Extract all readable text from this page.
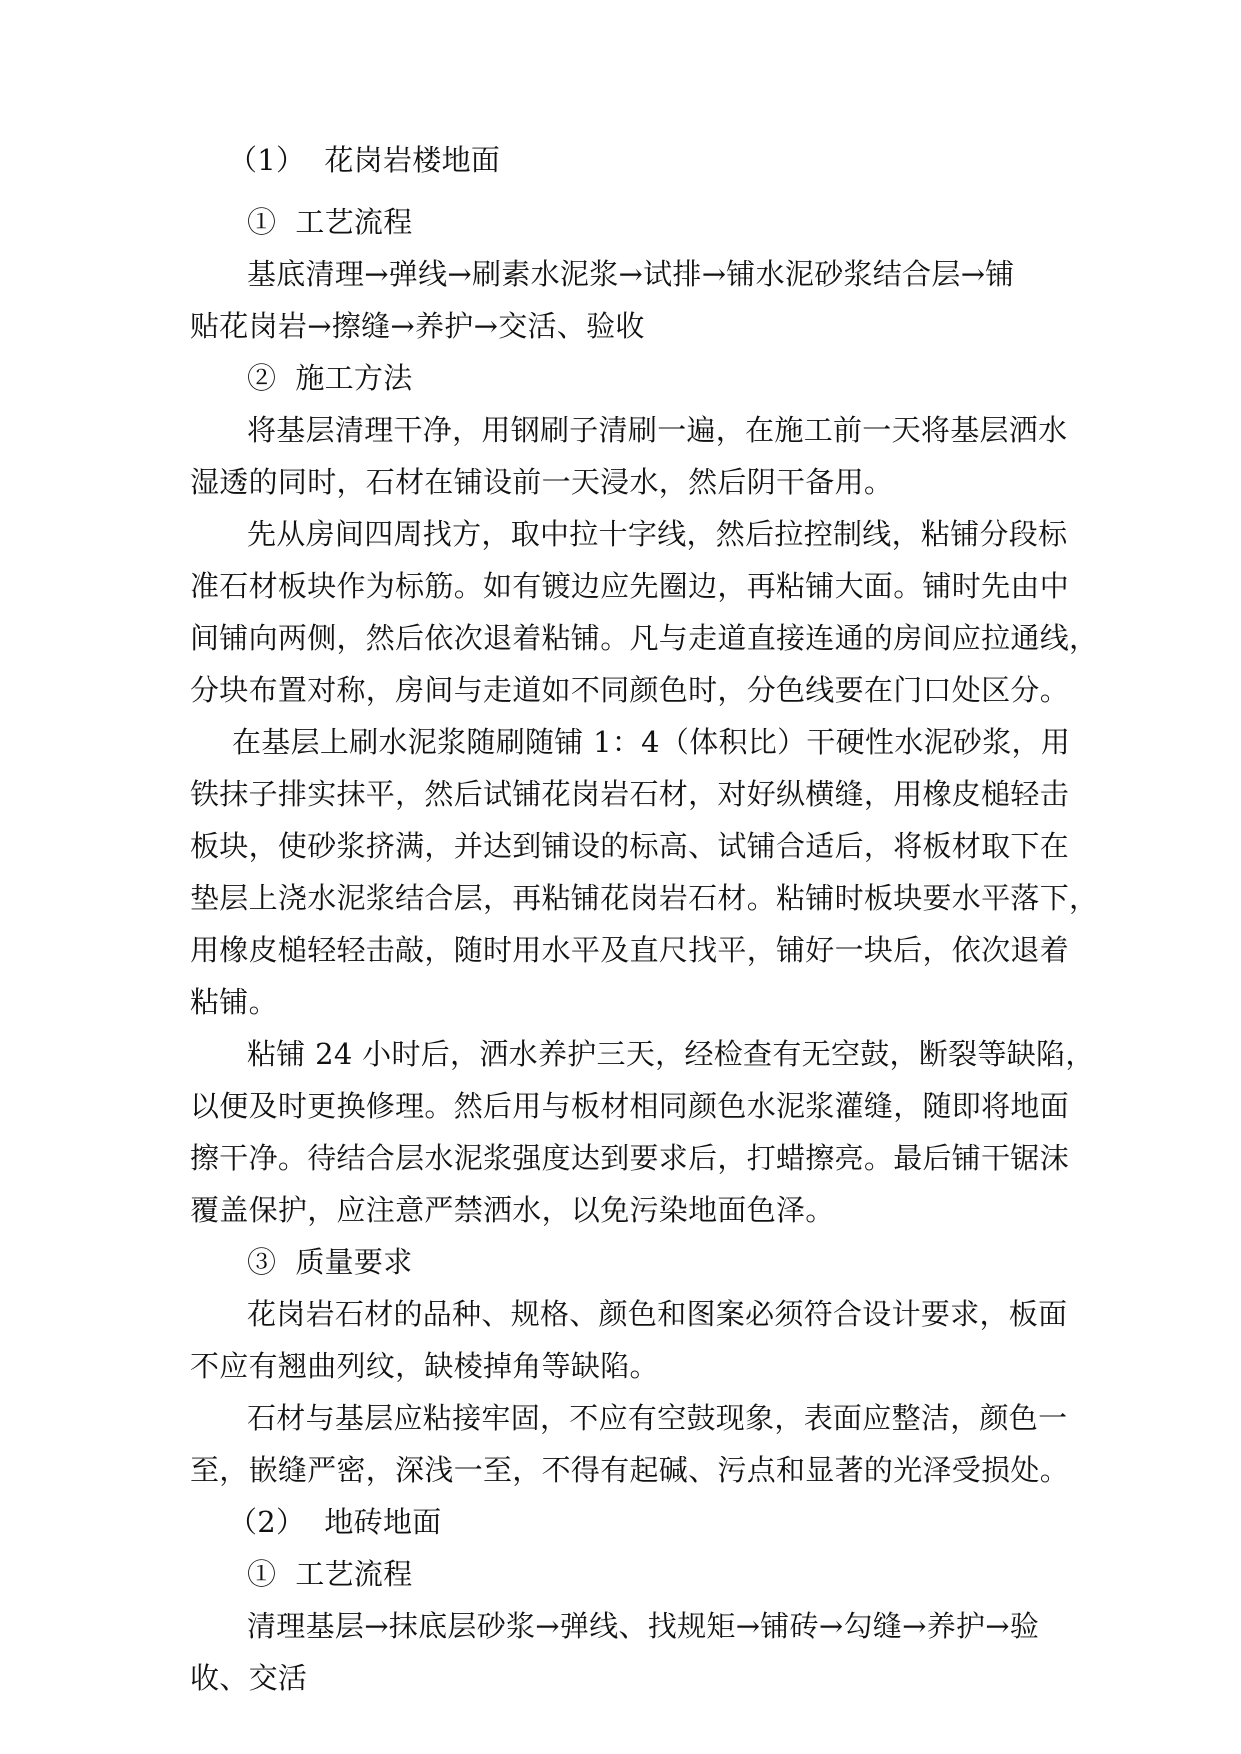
（1）  花岗岩楼地面
①  工艺流程
基底清理→弹线→刷素水泥浆→试排→铺水泥砂浆结合层→铺
贴花岗岩→擦缝→养护→交活、验收
②  施工方法
将基层清理干净，用钢刷子清刷一遍，在施工前一天将基层洒水
湿透的同时，石材在铺设前一天浸水，然后阴干备用。
先从房间四周找方，取中拉十字线，然后拉控制线，粘铺分段标
准石材板块作为标筋。如有镀边应先圈边，再粘铺大面。铺时先由中
间铺向两侧，然后依次退着粘铺。凡与走道直接连通的房间应拉通线，
分块布置对称，房间与走道如不同颜色时，分色线要在门口处区分。
在基层上刷水泥浆随刷随铺 1：4（体积比）干硬性水泥砂浆，用
铁抹子排实抹平，然后试铺花岗岩石材，对好纵横缝，用橡皮槌轻击
板块，使砂浆挤满，并达到铺设的标高、试铺合适后，将板材取下在
垫层上浇水泥浆结合层，再粘铺花岗岩石材。粘铺时板块要水平落下，
用橡皮槌轻轻击敲，随时用水平及直尺找平，铺好一块后，依次退着
粘铺。
粘铺 24 小时后，洒水养护三天，经检查有无空鼓，断裂等缺陷，
以便及时更换修理。然后用与板材相同颜色水泥浆灌缝，随即将地面
擦干净。待结合层水泥浆强度达到要求后，打蜡擦亮。最后铺干锯沫
覆盖保护，应注意严禁洒水，以免污染地面色泽。
③  质量要求
花岗岩石材的品种、规格、颜色和图案必须符合设计要求，板面
不应有翘曲列纹，缺棱掉角等缺陷。
石材与基层应粘接牢固，不应有空鼓现象，表面应整洁，颜色一
至，嵌缝严密，深浅一至，不得有起碱、污点和显著的光泽受损处。
（2）  地砖地面
①  工艺流程
清理基层→抹底层砂浆→弹线、找规矩→铺砖→勾缝→养护→验
收、交活
